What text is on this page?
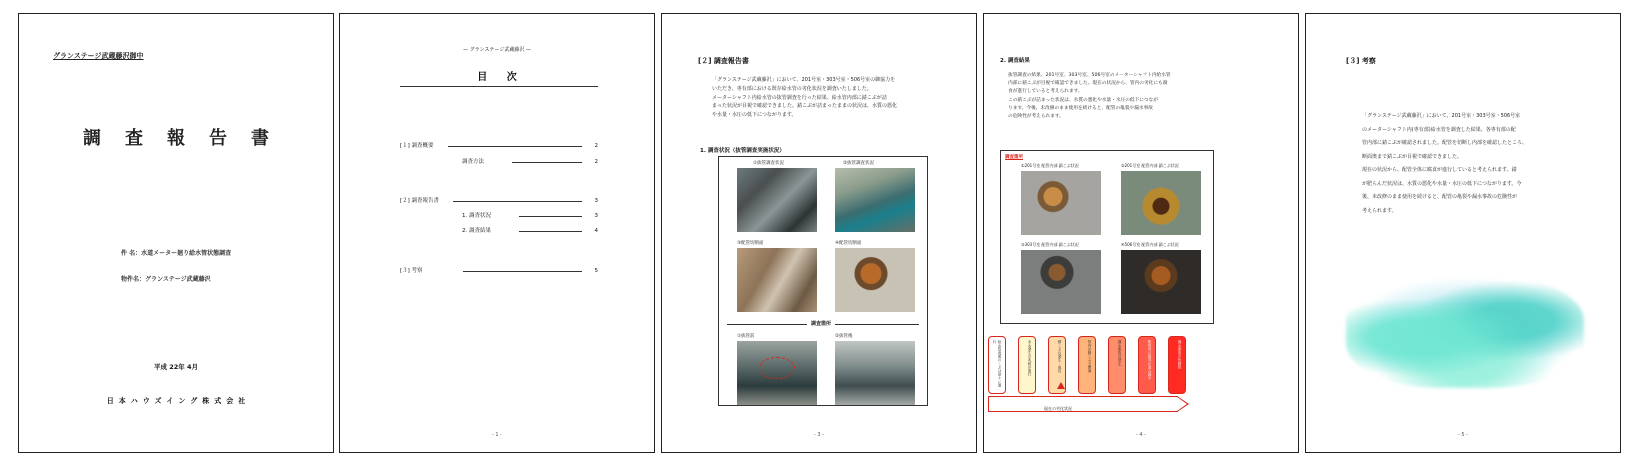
グランステージ武蔵藤沢御中
調査報告書
件 名：水道メーター廻り給水管状態調査
物件名：グランステージ武蔵藤沢
平成 22年 4月
日本ハウズイング株式会社
— グランステージ武蔵藤沢 —
目 次
[１] 調査概要	2
調査方法	2
[２] 調査報告書	3
1. 調査状況	3
2. 調査結果	4
[３] 考察	5
- 1 -
[２] 調査報告書
「グランステージ武蔵藤沢」において、201号室・303号室・506号室の御協力を
いただき、専有部における既存給水管の劣化状況を調査いたしました。
メーターシャフト内給水管の抜管調査を行った結果、給水管内部に錆こぶが詰
まった状況が目視で確認できました。錆こぶが詰まったままの状況は、水質の悪化
や水量・水圧の低下につながります。
1. 調査状況（抜管調査実施状況）
①抜管調査状況	②抜管調査状況
③配管切断面	④配管切断面
調査箇所
①抜管前	②抜管後
- 3 -
2. 調査結果
抜管調査の結果、201号室、303号室、506号室のメーターシャフト内給水管
内部に錆こぶが目視で確認できました。現在の状況から、管内の劣化にも腐
食が進行していると考えられます。
この錆こぶが詰まった状況は、水質の悪化や水量・水圧の低下につなが
ります。今後、未改修のまま使用を続けると、配管の亀裂や漏水事故
の危険性が考えられます。
調査箇所
①201号室 配管内部 錆こぶ状況	②201号室 配管内部 錆こぶ状況
③303号室 配管内部 錆こぶ状況	④506号室 配管内部 錆こぶ状況
給水管表面のこぶは徐々に進行	赤水発生の兆候が進行	錆こぶの発生・成長	管内が錆こぶで閉塞	漏水事故の発生	配管内の腐食が進み漏水	漏水事故の危険性
現在の劣化状況
- 4 -
[３] 考察
「グランステージ武蔵藤沢」において、201号室・303号室・506号室
のメーターシャフト内(専有部)給水管を調査した結果、各専有部の配
管内部に錆こぶが確認されました。配管を切断し内部を確認したところ、
断面奥まで錆こぶが目視で確認できました。
現在の状況から、配管全体に腐食が進行していると考えられます。錆
が肥らんだ状況は、水質の悪化や水量・水圧の低下につながります。今
後、未改修のまま使用を続けると、配管の亀裂や漏水事故の危険性が
考えられます。
- 5 -
